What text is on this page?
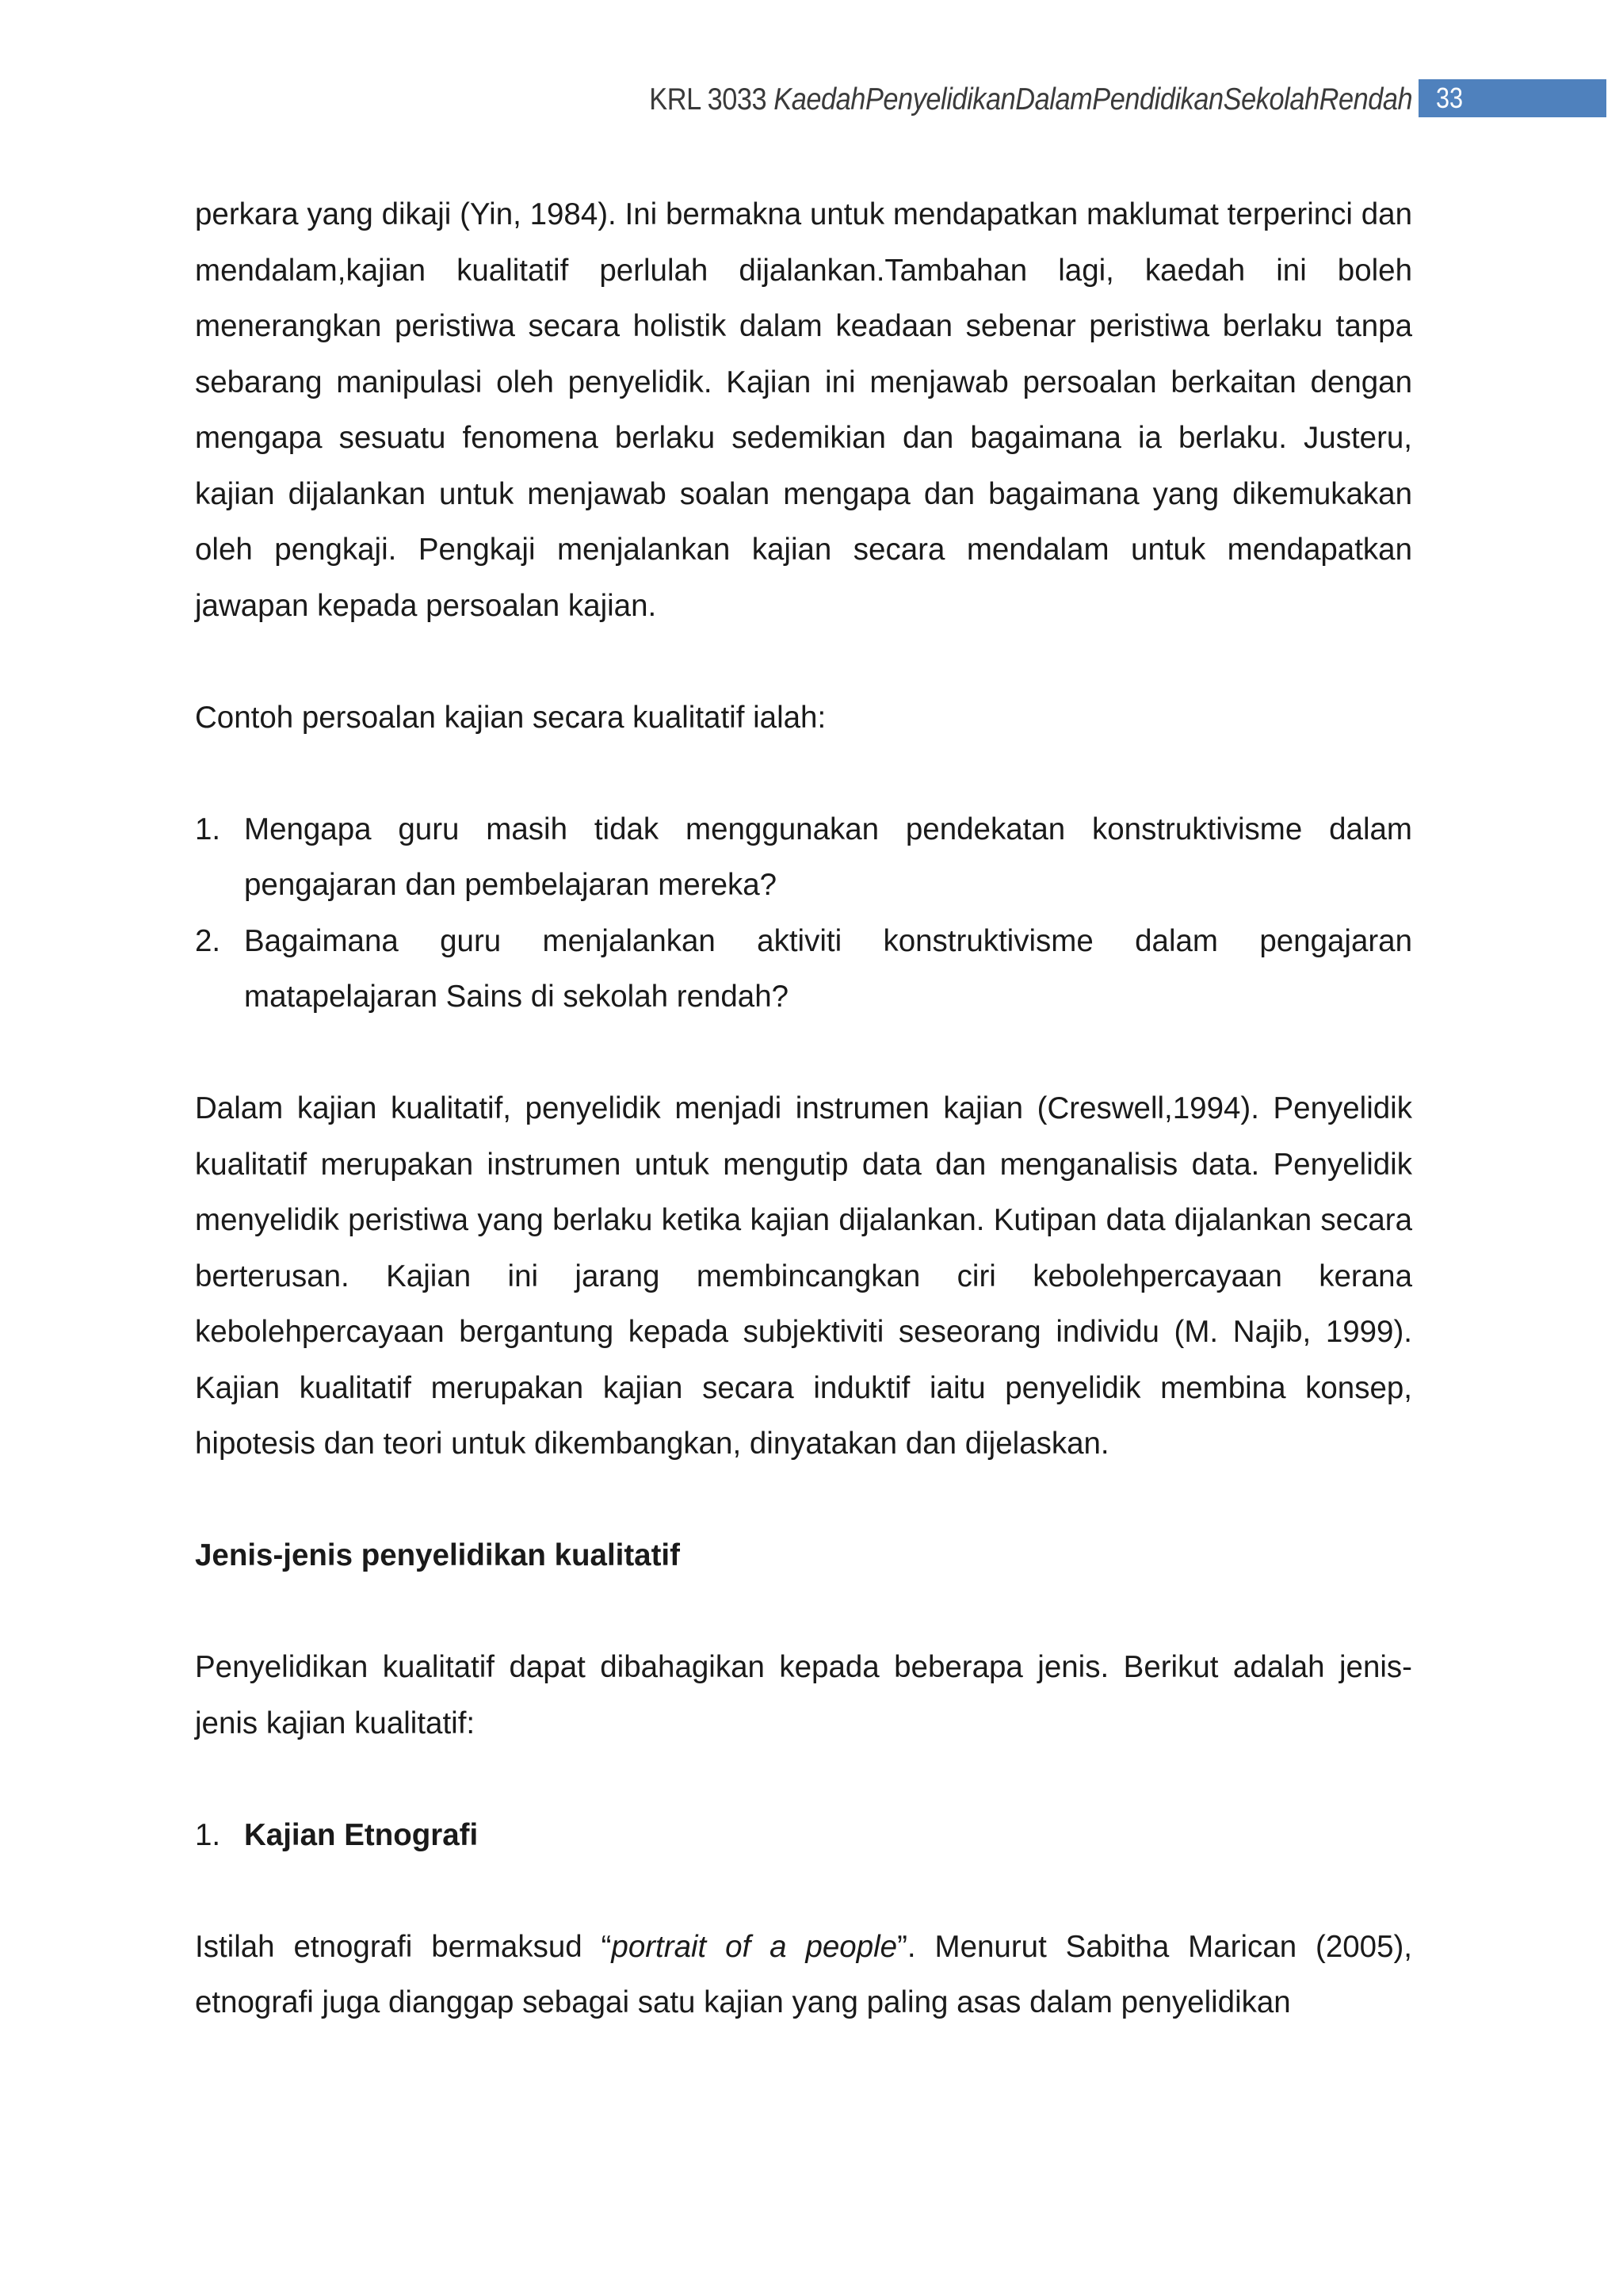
KRL 3033 KaedahPenyelidikanDalamPendidikanSekolahRendah 33

perkara yang dikaji (Yin, 1984). Ini bermakna untuk mendapatkan maklumat terperinci dan mendalam,kajian kualitatif perlulah dijalankan.Tambahan lagi, kaedah ini boleh menerangkan peristiwa secara holistik dalam keadaan sebenar peristiwa berlaku tanpa sebarang manipulasi oleh penyelidik. Kajian ini menjawab persoalan berkaitan dengan mengapa sesuatu fenomena berlaku sedemikian dan bagaimana ia berlaku. Justeru, kajian dijalankan untuk menjawab soalan mengapa dan bagaimana yang dikemukakan oleh pengkaji. Pengkaji menjalankan kajian secara mendalam untuk mendapatkan jawapan kepada persoalan kajian.

Contoh persoalan kajian secara kualitatif ialah:

1. Mengapa guru masih tidak menggunakan pendekatan konstruktivisme dalam pengajaran dan pembelajaran mereka?
2. Bagaimana guru menjalankan aktiviti konstruktivisme dalam pengajaran matapelajaran Sains di sekolah rendah?

Dalam kajian kualitatif, penyelidik menjadi instrumen kajian (Creswell,1994). Penyelidik kualitatif merupakan instrumen untuk mengutip data dan menganalisis data. Penyelidik menyelidik peristiwa yang berlaku ketika kajian dijalankan. Kutipan data dijalankan secara berterusan. Kajian ini jarang membincangkan ciri kebolehpercayaan kerana kebolehpercayaan bergantung kepada subjektiviti seseorang individu (M. Najib, 1999). Kajian kualitatif merupakan kajian secara induktif iaitu penyelidik membina konsep, hipotesis dan teori untuk dikembangkan, dinyatakan dan dijelaskan.

Jenis-jenis penyelidikan kualitatif

Penyelidikan kualitatif dapat dibahagikan kepada beberapa jenis. Berikut adalah jenis-jenis kajian kualitatif:

1. Kajian Etnografi

Istilah etnografi bermaksud “portrait of a people”. Menurut Sabitha Marican (2005), etnografi juga dianggap sebagai satu kajian yang paling asas dalam penyelidikan
